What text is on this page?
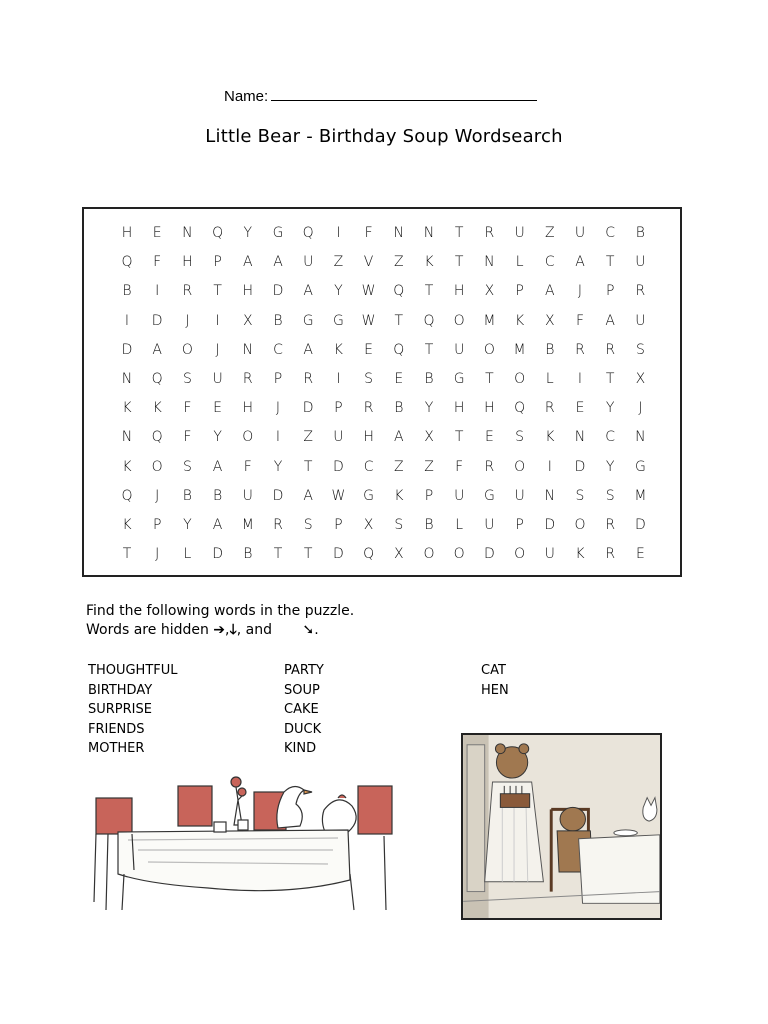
Name:
Little Bear - Birthday Soup Wordsearch
H	E	N	Q	Y	G	Q	I	F	N	N	T	R	U	Z	U	C	B
Q	F	H	P	A	A	U	Z	V	Z	K	T	N	L	C	A	T	U
B	I	R	T	H	D	A	Y	W	Q	T	H	X	P	A	J	P	R
I	D	J	I	X	B	G	G	W	T	Q	O	M	K	X	F	A	U
D	A	O	J	N	C	A	K	E	Q	T	U	O	M	B	R	R	S
N	Q	S	U	R	P	R	I	S	E	B	G	T	O	L	I	T	X
K	K	F	E	H	J	D	P	R	B	Y	H	H	Q	R	E	Y	J
N	Q	F	Y	O	I	Z	U	H	A	X	T	E	S	K	N	C	N
K	O	S	A	F	Y	T	D	C	Z	Z	F	R	O	I	D	Y	G
Q	J	B	B	U	D	A	W	G	K	P	U	G	U	N	S	S	M
K	P	Y	A	M	R	S	P	X	S	B	L	U	P	D	O	R	D
T	J	L	D	B	T	T	D	Q	X	O	O	D	O	U	K	R	E
Find the following words in the puzzle.
Words are hidden ➔,🡓, and ➘.
THOUGHTFUL
BIRTHDAY
SURPRISE
FRIENDS
MOTHER
PARTY
SOUP
CAKE
DUCK
KIND
CAT
HEN
